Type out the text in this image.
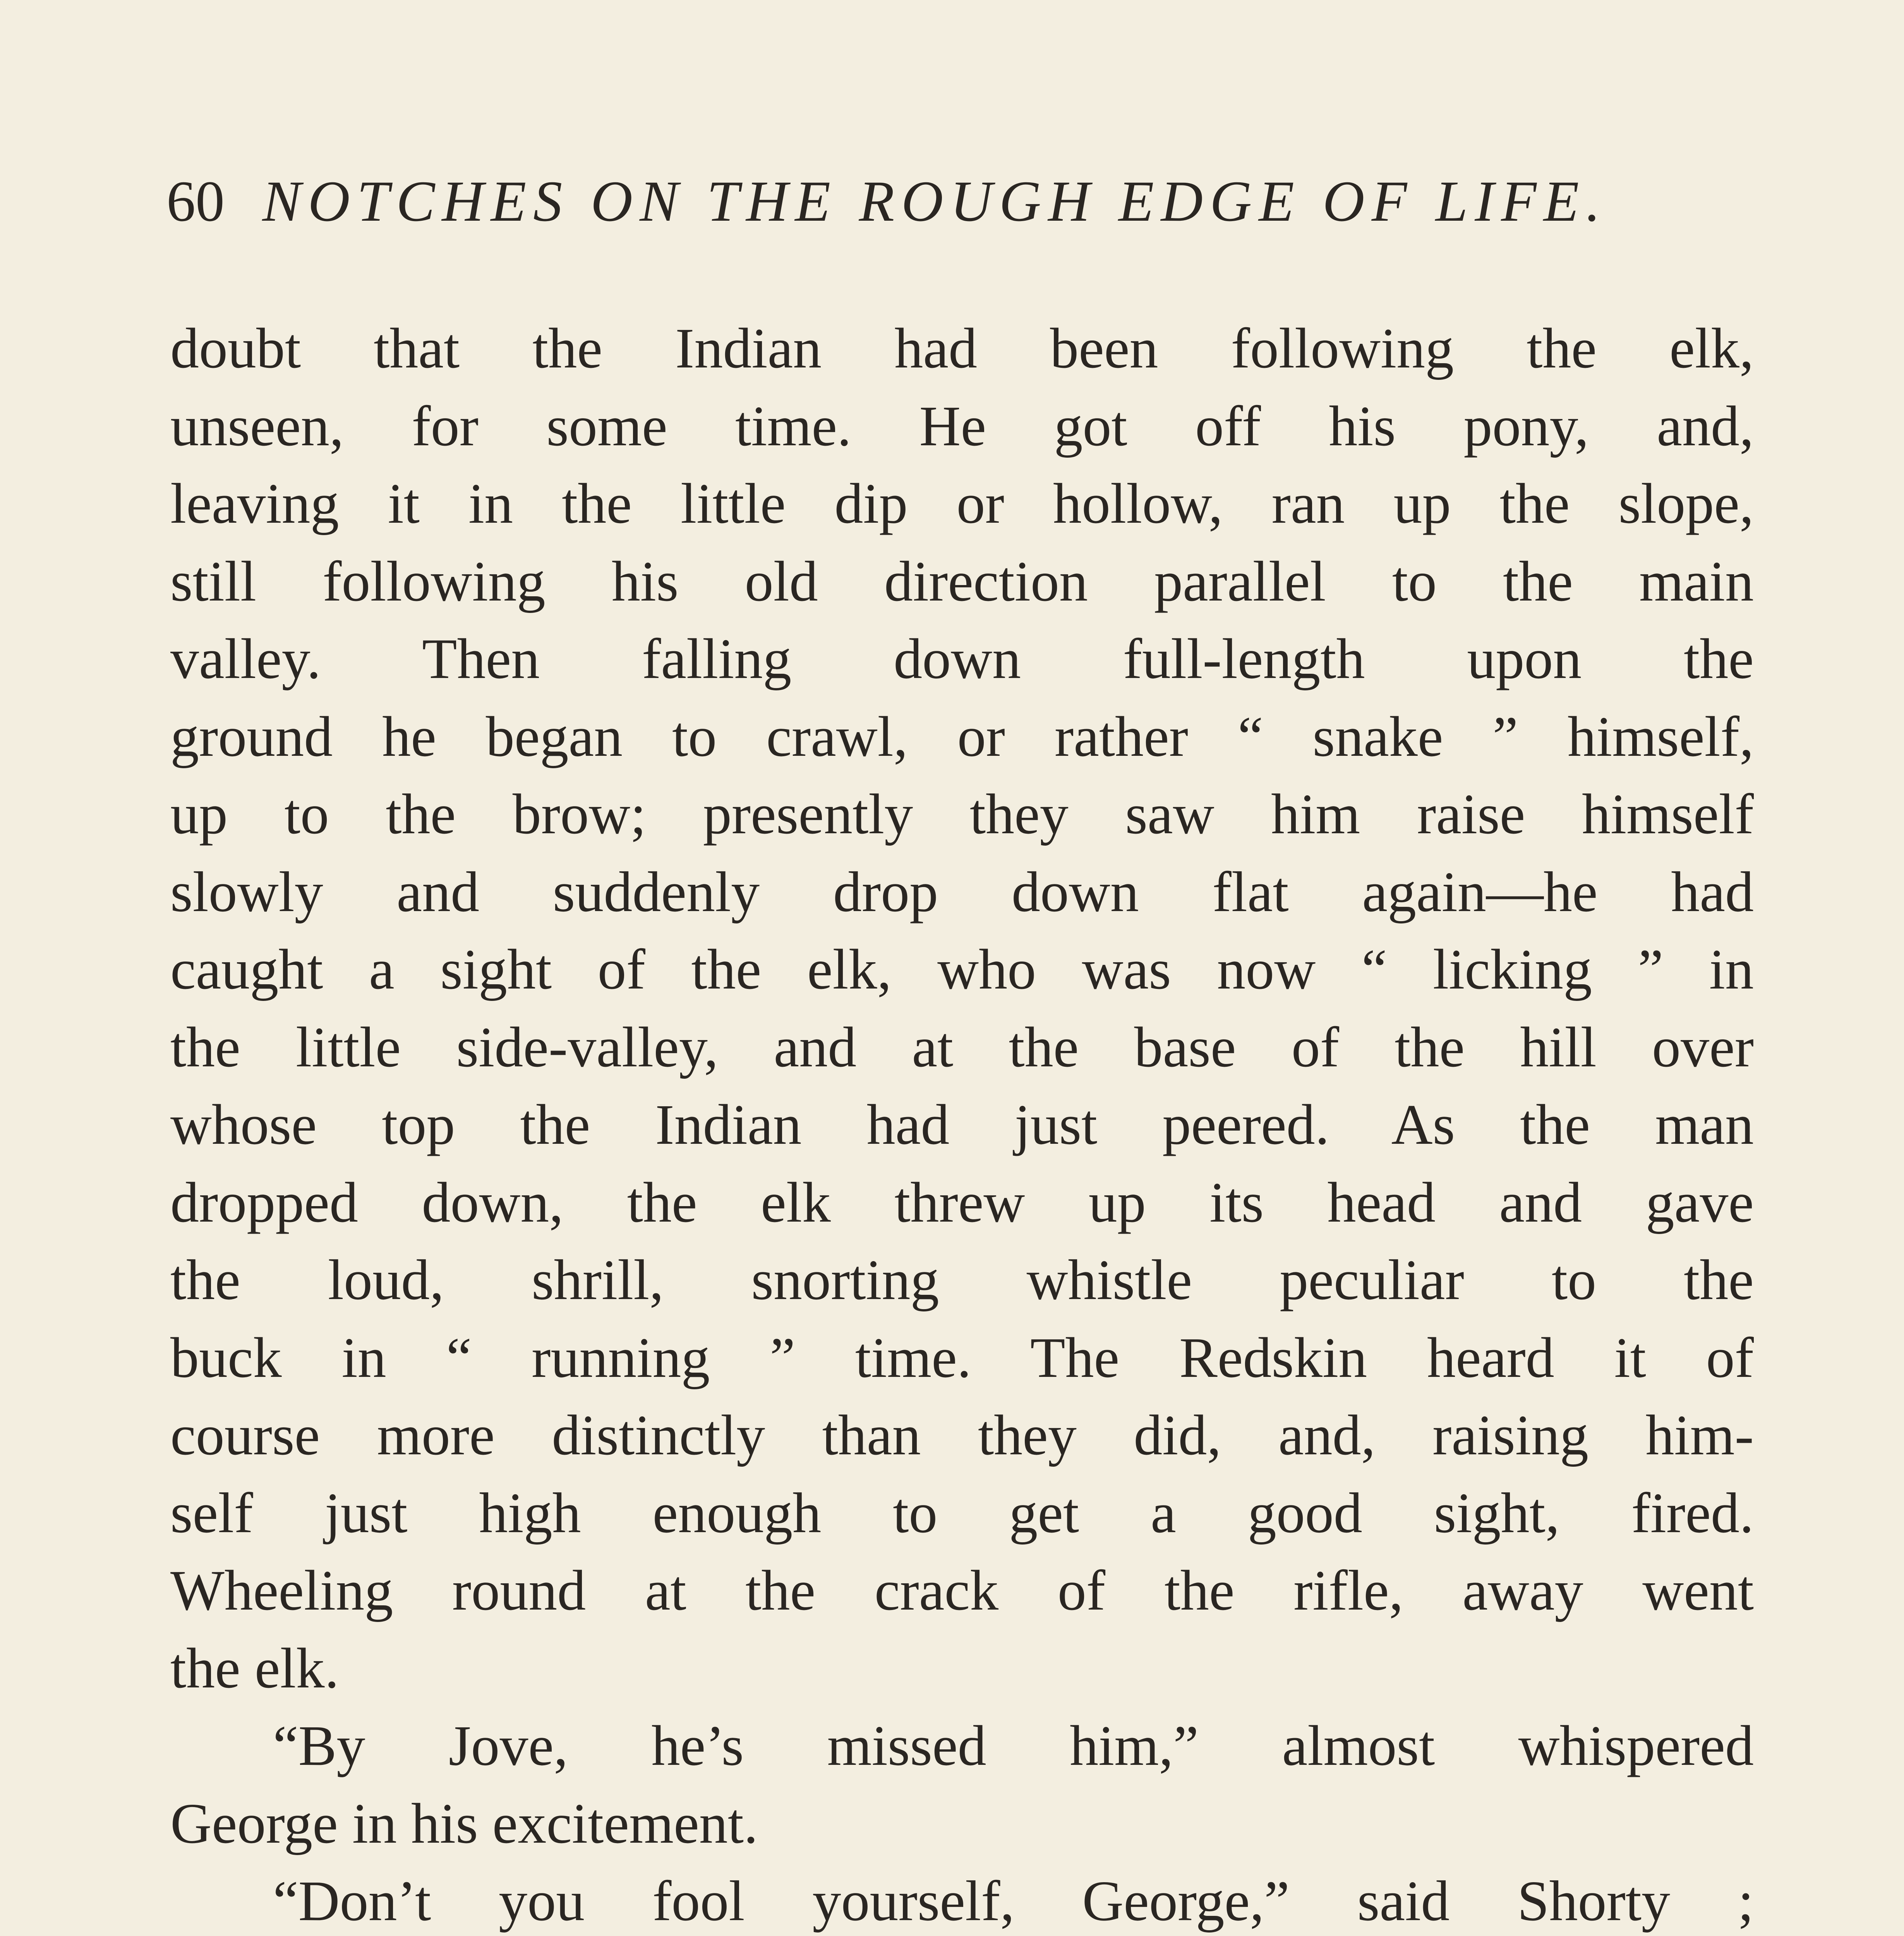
60 NOTCHES ON THE ROUGH EDGE OF LIFE.

doubt that the Indian had been following the elk,
unseen, for some time. He got off his pony, and,
leaving it in the little dip or hollow, ran up the slope,
still following his old direction parallel to the main
valley. Then falling down full-length upon the
ground he began to crawl, or rather “ snake ” himself,
up to the brow; presently they saw him raise himself
slowly and suddenly drop down flat again—he had
caught a sight of the elk, who was now “ licking ” in
the little side-valley, and at the base of the hill over
whose top the Indian had just peered. As the man
dropped down, the elk threw up its head and gave
the loud, shrill, snorting whistle peculiar to the
buck in “ running ” time. The Redskin heard it of
course more distinctly than they did, and, raising him-
self just high enough to get a good sight, fired.
Wheeling round at the crack of the rifle, away went
the elk.

“By Jove, he’s missed him,” almost whispered
George in his excitement.

“Don’t you fool yourself, George,” said Shorty ;
